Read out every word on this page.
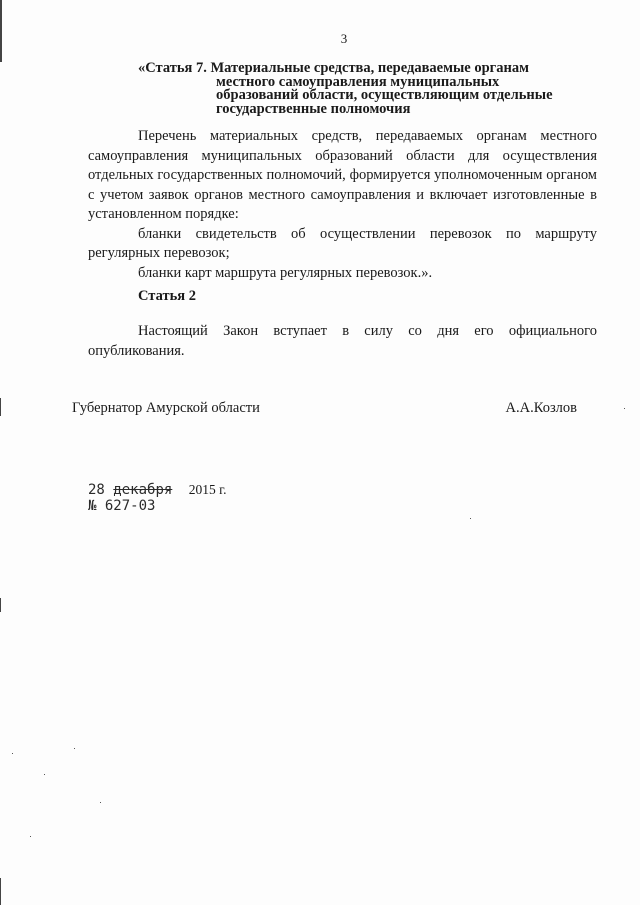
3
«Статья 7. Материальные средства, передаваемые органам
местного самоуправления муниципальных
образований области, осуществляющим отдельные
государственные полномочия
Перечень материальных средств, передаваемых органам местного самоуправления муниципальных образований области для осуществления отдельных государственных полномочий, формируется уполномоченным органом с учетом заявок органов местного самоуправления и включает изготовленные в установленном порядке:
бланки свидетельств об осуществлении перевозок по маршруту регулярных перевозок;
бланки карт маршрута регулярных перевозок.».
Статья 2
Настоящий Закон вступает в силу со дня его официального опубликования.
Губернатор Амурской области	А.А.Козлов
28 декабря 2015 г.
№ 627-03
